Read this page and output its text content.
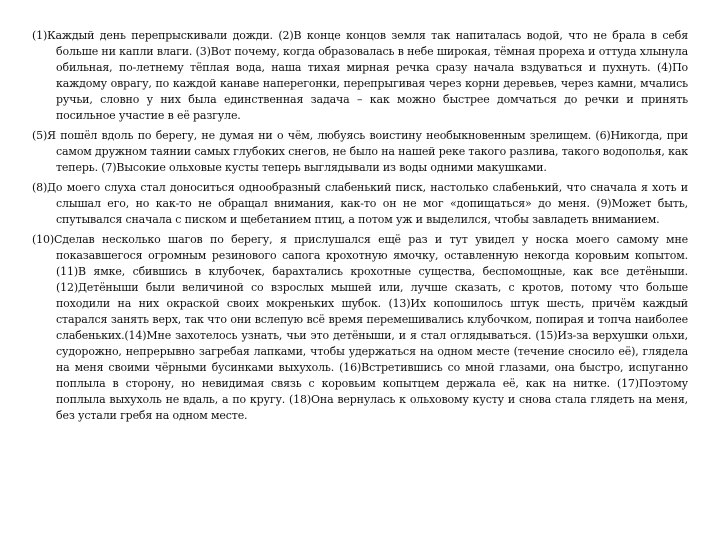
(1)Каждый день перепрыскивали дожди. (2)В конце концов земля так напиталась водой, что не брала в себя больше ни капли влаги. (3)Вот почему, когда образовалась в небе широкая, тёмная прореха и оттуда хлынула обильная, по-летнему тёплая вода, наша тихая мирная речка сразу начала вздуваться и пухнуть. (4)По каждому оврагу, по каждой канаве наперегонки, перепрыгивая через корни деревьев, через камни, мчались ручьи, словно у них была единственная задача – как можно быстрее домчаться до речки и принять посильное участие в её разгуле.

(5)Я пошёл вдоль по берегу, не думая ни о чём, любуясь воистину необыкновенным зрелищем. (6)Никогда, при самом дружном таянии самых глубоких снегов, не было на нашей реке такого разлива, такого водополья, как теперь. (7)Высокие ольховые кусты теперь выглядывали из воды одними макушками.

(8)До моего слуха стал доноситься однообразный слабенький писк, настолько слабенький, что сначала я хоть и слышал его, но как-то не обращал внимания, как-то он не мог «допищаться» до меня. (9)Может быть, спутывался сначала с писком и щебетанием птиц, а потом уж и выделился, чтобы завладеть вниманием.

(10)Сделав несколько шагов по берегу, я прислушался ещё раз и тут увидел у носка моего самому мне показавшегося огромным резинового сапога крохотную ямочку, оставленную некогда коровьим копытом. (11)В ямке, сбившись в клубочек, барахтались крохотные существа, беспомощные, как все детёныши.(12)Детёныши были величиной со взрослых мышей или, лучше сказать, с кротов, потому что больше походили на них окраской своих мокреньких шубок. (13)Их копошилось штук шесть, причём каждый старался занять верх, так что они вслепую всё время перемешивались клубочком, попирая и топча наиболее слабеньких.(14)Мне захотелось узнать, чьи это детёныши, и я стал оглядываться. (15)Из-за верхушки ольхи, судорожно, непрерывно загребая лапками, чтобы удержаться на одном месте (течение сносило её), глядела на меня своими чёрными бусинками выхухоль. (16)Встретившись со мной глазами, она быстро, испуганно поплыла в сторону, но невидимая связь с коровьим копытцем держала её, как на нитке. (17)Поэтому поплыла выхухоль не вдаль, а по кругу. (18)Она вернулась к ольховому кусту и снова стала глядеть на меня, без устали гребя на одном месте.
